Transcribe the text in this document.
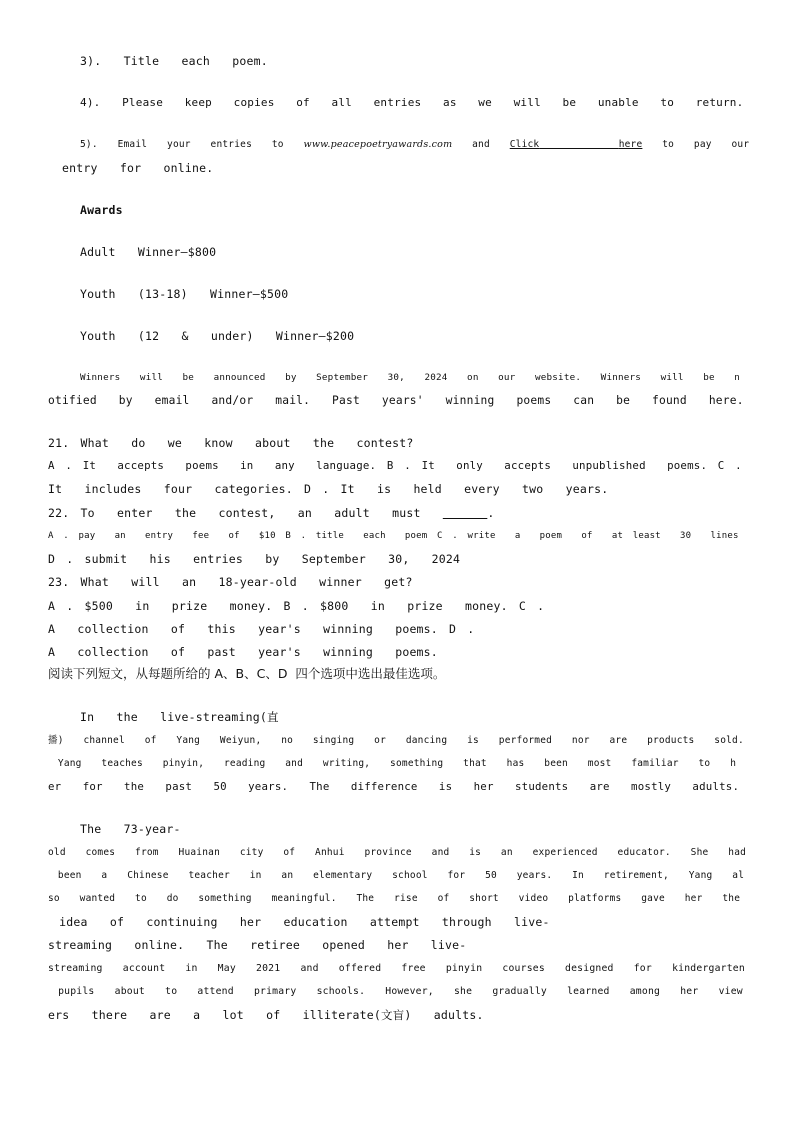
3).  Title  each  poem.

4).  Please  keep  copies  of  all  entries  as  we  will  be  unable  to  return.

5).  Email  your  entries  to  www.peacepoetryawards.com  and  Click	here  to  pay  our

entry  for  online.

Awards

Adult  Winner—$800

Youth  (13-18)  Winner—$500

Youth  (12  &  under)  Winner—$200

Winners  will  be  announced  by  September  30,  2024  on  our  website.  Winners  will  be  n

otified  by  email  and/or  mail.  Past  years'  winning  poems  can  be  found  here.

21. What  do  we  know  about  the  contest?

A . It  accepts  poems  in  any  language. B . It  only  accepts  unpublished  poems. C .

It  includes  four  categories. D . It  is  held  every  two  years.

22. To  enter  the  contest,  an  adult  must	.

A . pay  an  entry  fee  of  $10 B . title  each  poem C . write  a  poem  of  at least  30  lines

D . submit  his  entries  by  September  30,  2024

23. What  will  an  18-year-old  winner  get?

A . $500  in  prize  money. B . $800  in  prize  money. C .

A  collection  of  this  year's  winning  poems. D .

A  collection  of  past  year's  winning  poems.

阅读下列短文，从每题所给的 A、B、C、D  四个选项中选出最佳选项。

In  the  live-streaming(直

播)  channel  of  Yang  Weiyun,  no  singing  or  dancing  is  performed  nor  are  products  sold.

Yang  teaches  pinyin,  reading  and  writing,  something  that  has  been  most  familiar  to  h

er  for  the  past  50  years.  The  difference  is  her  students  are  mostly  adults.

The  73-year-

old  comes  from  Huainan  city  of  Anhui  province  and  is  an  experienced  educator.  She  had

been  a  Chinese  teacher  in  an  elementary  school  for  50  years.  In  retirement,  Yang  al

so  wanted  to  do  something  meaningful.  The  rise  of  short  video  platforms  gave  her  the

idea  of  continuing  her  education  attempt  through  live-

streaming  online.  The  retiree  opened  her  live-

streaming  account  in  May  2021  and  offered  free  pinyin  courses  designed  for  kindergarten

pupils  about  to  attend  primary  schools.  However,  she  gradually  learned  among  her  view

ers  there  are  a  lot  of  illiterate(文盲)  adults.
